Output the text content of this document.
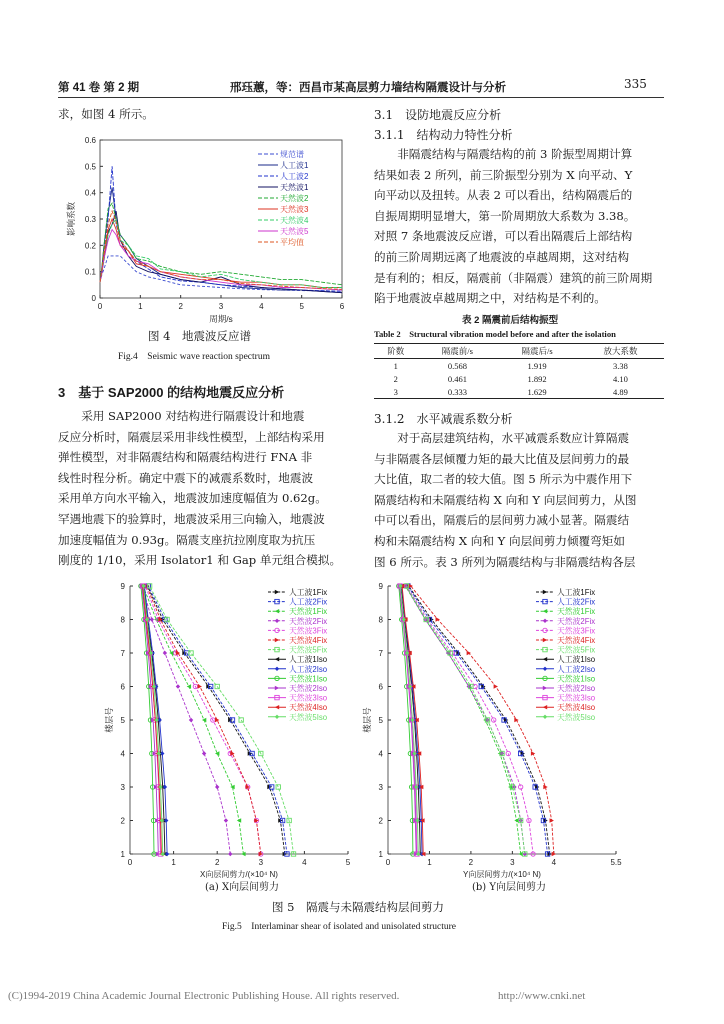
第 41 卷 第 2 期	邢珏蕙，等：西昌市某高层剪力墙结构隔震设计与分析	335
求，如图 4 所示。
0
0.1
0.2
0.3
0.4
0.5
0.6
0	1	2	3	4	5	6
周期/s
影响系数
规范谱
人工波1
人工波2
天然波1
天然波2
天然波3
天然波4
天然波5
平均值
图 4　地震波反应谱
Fig.4　Seismic wave reaction spectrum
3　基于 SAP2000 的结构地震反应分析
　　采用 SAP2000 对结构进行隔震设计和地震
反应分析时，隔震层采用非线性模型，上部结构采用
弹性模型，对非隔震结构和隔震结构进行 FNA 非
线性时程分析。确定中震下的减震系数时，地震波
采用单方向水平输入，地震波加速度幅值为 0.62g。
罕遇地震下的验算时，地震波采用三向输入，地震波
加速度幅值为 0.93g。隔震支座抗拉刚度取为抗压
刚度的 1/10，采用 Isolator1 和 Gap 单元组合模拟。
3.1　设防地震反应分析
3.1.1　结构动力特性分析
　　非隔震结构与隔震结构的前 3 阶振型周期计算
结果如表 2 所列，前三阶振型分别为 X 向平动、Y
向平动以及扭转。从表 2 可以看出，结构隔震后的
自振周期明显增大，第一阶周期放大系数为 3.38。
对照 7 条地震波反应谱，可以看出隔震后上部结构
的前三阶周期远离了地震波的卓越周期，这对结构
是有利的；相反，隔震前（非隔震）建筑的前三阶周期
陷于地震波卓越周期之中，对结构是不利的。
表 2 隔震前后结构振型
Table 2　Structural vibration model before and after the isolation
阶数	隔震前/s	隔震后/s	放大系数
1	0.568	1.919	3.38
2	0.461	1.892	4.10
3	0.333	1.629	4.89
3.1.2　水平减震系数分析
　　对于高层建筑结构，水平减震系数应计算隔震
与非隔震各层倾覆力矩的最大比值及层间剪力的最
大比值，取二者的较大值。图 5 所示为中震作用下
隔震结构和未隔震结构 X 向和 Y 向层间剪力，从图
中可以看出，隔震后的层间剪力减小显著。隔震结
构和未隔震结构 X 向和 Y 向层间剪力倾覆弯矩如
图 6 所示。表 3 所列为隔震结构与非隔震结构各层
1
2
3
4
5
6
7
8
9
0	1	2	3	4	5
X向层间剪力/(×10⁴ N)
楼层号
人工波1Fix
人工波2Fix
天然波1Fix
天然波2Fix
天然波3Fix
天然波4Fix
天然波5Fix
人工波1Iso
人工波2Iso
天然波1Iso
天然波2Iso
天然波3Iso
天然波4Iso
天然波5Iso
1
2
3
4
5
6
7
8
9
0	1	2	3	4	5.5
Y向层间剪力/(×10⁴ N)
楼层号
人工波1Fix
人工波2Fix
天然波1Fix
天然波2Fix
天然波3Fix
天然波4Fix
天然波5Fix
人工波1Iso
人工波2Iso
天然波1Iso
天然波2Iso
天然波3Iso
天然波4Iso
天然波5Iso
(a) X向层间剪力	(b) Y向层间剪力
图 5　隔震与未隔震结构层间剪力
Fig.5　Interlaminar shear of isolated and unisolated structure
(C)1994-2019 China Academic Journal Electronic Publishing House. All rights reserved.	http://www.cnki.net
